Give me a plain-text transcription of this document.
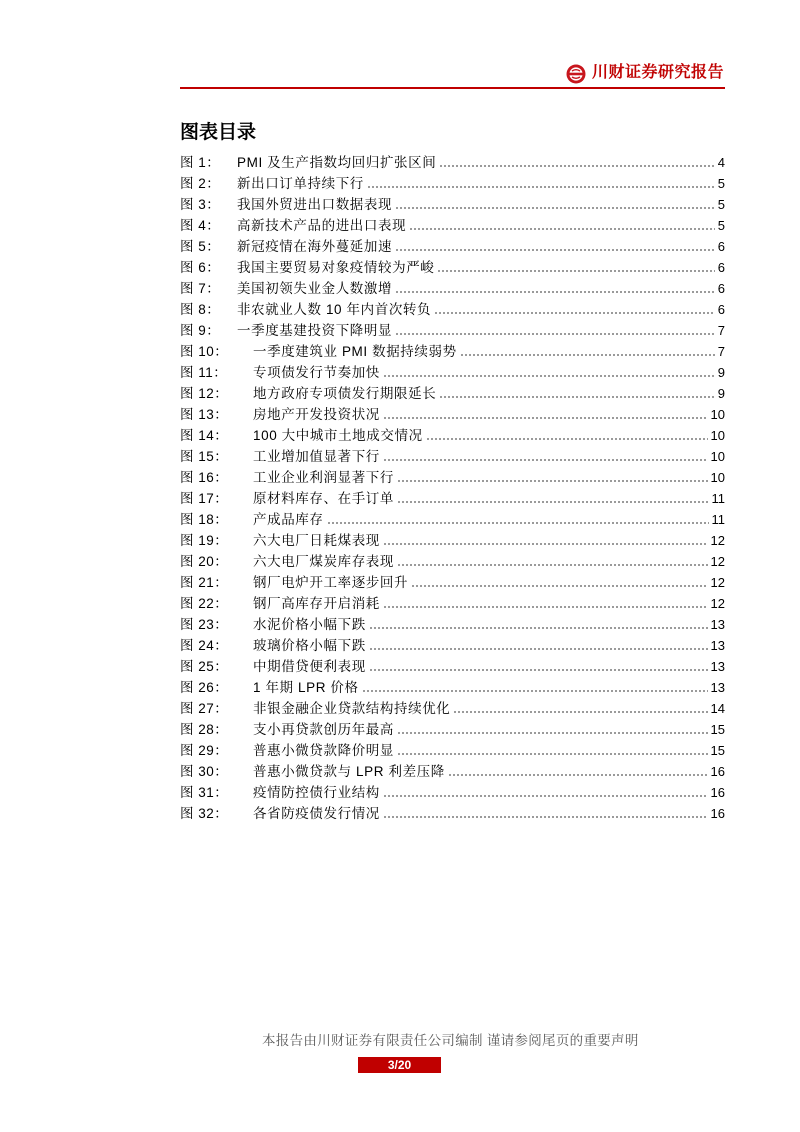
川财证券研究报告
图表目录
图 1：	PMI 及生产指数均回归扩张区间	4
图 2：	新出口订单持续下行	5
图 3：	我国外贸进出口数据表现	5
图 4：	高新技术产品的进出口表现	5
图 5：	新冠疫情在海外蔓延加速	6
图 6：	我国主要贸易对象疫情较为严峻	6
图 7：	美国初领失业金人数激增	6
图 8：	非农就业人数 10 年内首次转负	6
图 9：	一季度基建投资下降明显	7
图 10：	一季度建筑业 PMI 数据持续弱势	7
图 11：	专项债发行节奏加快	9
图 12：	地方政府专项债发行期限延长	9
图 13：	房地产开发投资状况	10
图 14：	100 大中城市土地成交情况	10
图 15：	工业增加值显著下行	10
图 16：	工业企业利润显著下行	10
图 17：	原材料库存、在手订单	11
图 18：	产成品库存	11
图 19：	六大电厂日耗煤表现	12
图 20：	六大电厂煤炭库存表现	12
图 21：	钢厂电炉开工率逐步回升	12
图 22：	钢厂高库存开启消耗	12
图 23：	水泥价格小幅下跌	13
图 24：	玻璃价格小幅下跌	13
图 25：	中期借贷便利表现	13
图 26：	1 年期 LPR 价格	13
图 27：	非银金融企业贷款结构持续优化	14
图 28：	支小再贷款创历年最高	15
图 29：	普惠小微贷款降价明显	15
图 30：	普惠小微贷款与 LPR 利差压降	16
图 31：	疫情防控债行业结构	16
图 32：	各省防疫债发行情况	16
本报告由川财证券有限责任公司编制 谨请参阅尾页的重要声明
3/20
